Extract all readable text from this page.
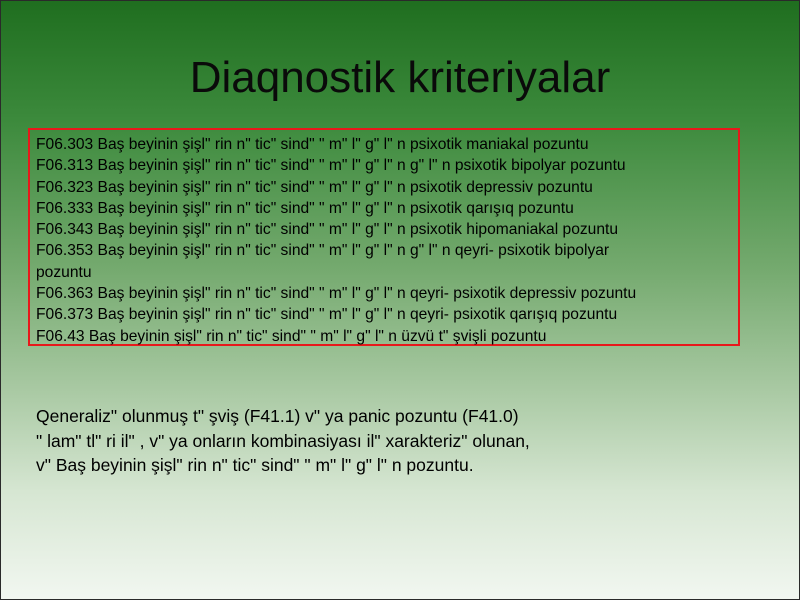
Diaqnostik kriteriyalar
F06.303 Baş beyinin şişl" rin n" tic" sind" " m" l" g" l" n psixotik maniakal pozuntu
F06.313 Baş beyinin şişl" rin n" tic" sind" " m" l" g" l" n g" l" n psixotik bipolyar pozuntu
F06.323 Baş beyinin şişl" rin n" tic" sind" " m" l" g" l" n psixotik depressiv pozuntu
F06.333 Baş beyinin şişl" rin n" tic" sind" " m" l" g" l" n psixotik qarışıq pozuntu
F06.343 Baş beyinin şişl" rin n" tic" sind" " m" l" g" l" n psixotik hipomaniakal pozuntu
F06.353 Baş beyinin şişl" rin n" tic" sind" " m" l" g" l" n g" l" n qeyri- psixotik bipolyar
pozuntu
F06.363 Baş beyinin şişl" rin n" tic" sind" " m" l" g" l" n qeyri- psixotik depressiv pozuntu
F06.373 Baş beyinin şişl" rin n" tic" sind" " m" l" g" l" n qeyri- psixotik qarışıq pozuntu
F06.43 Baş beyinin şişl" rin n" tic" sind" " m" l" g" l" n üzvü t" şvişli pozuntu
Qeneraliz" olunmuş t" şviş (F41.1) v" ya panic pozuntu (F41.0)
" lam" tl" ri il" , v" ya onların kombinasiyası il" xarakteriz" olunan,
v" Baş beyinin şişl" rin n" tic" sind" " m" l" g" l" n pozuntu.
